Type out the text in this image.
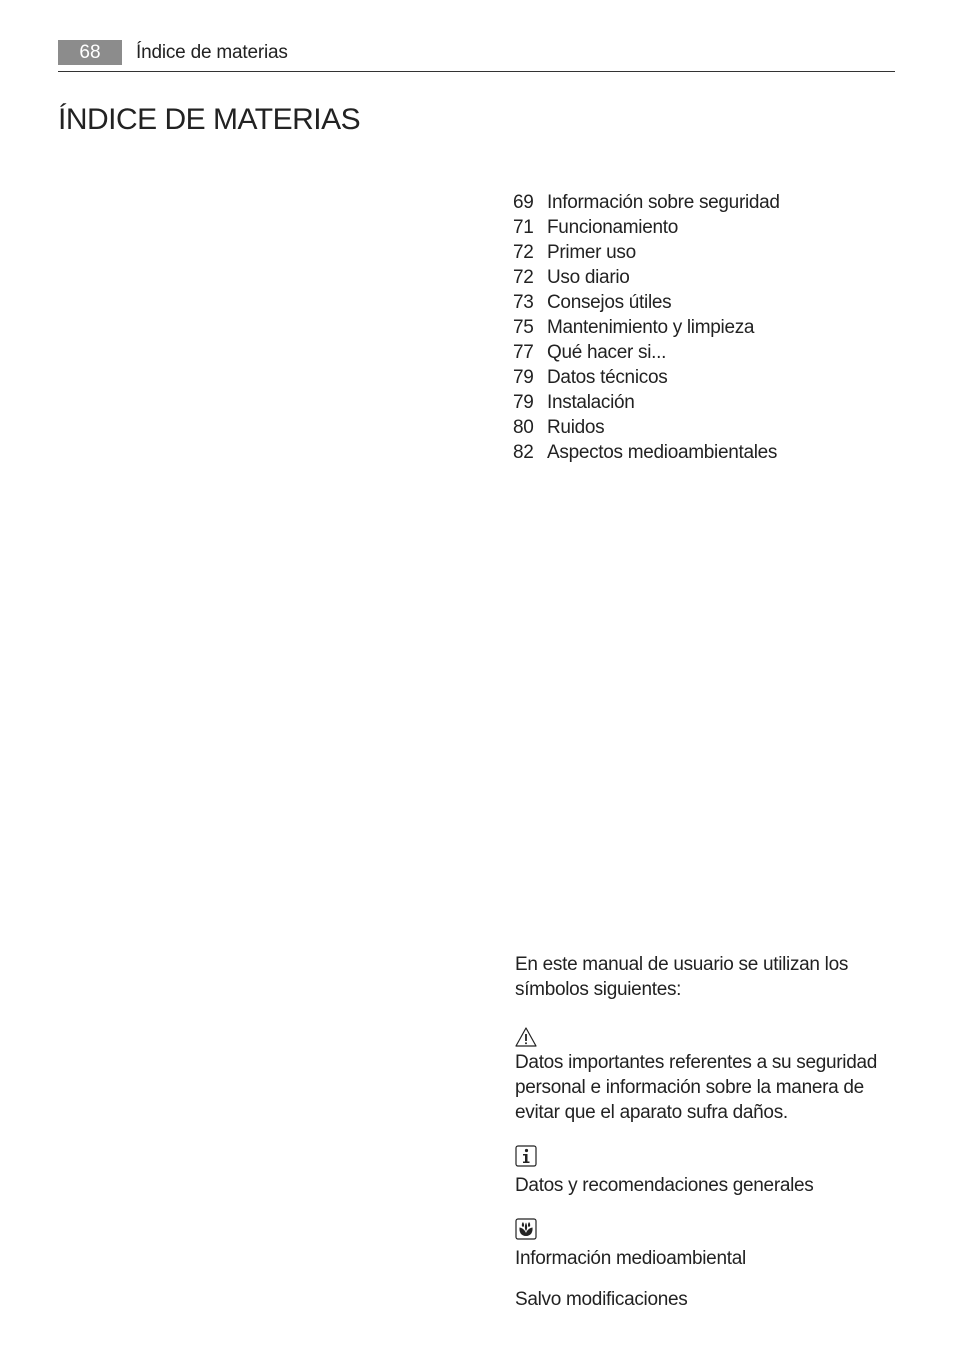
68	Índice de materias
ÍNDICE DE MATERIAS
69 Información sobre seguridad
71 Funcionamiento
72 Primer uso
72 Uso diario
73 Consejos útiles
75 Mantenimiento y limpieza
77 Qué hacer si...
79 Datos técnicos
79 Instalación
80 Ruidos
82 Aspectos medioambientales

En este manual de usuario se utilizan los símbolos siguientes:

Datos importantes referentes a su seguridad personal e información sobre la manera de evitar que el aparato sufra daños.

Datos y recomendaciones generales

Información medioambiental

Salvo modificaciones
